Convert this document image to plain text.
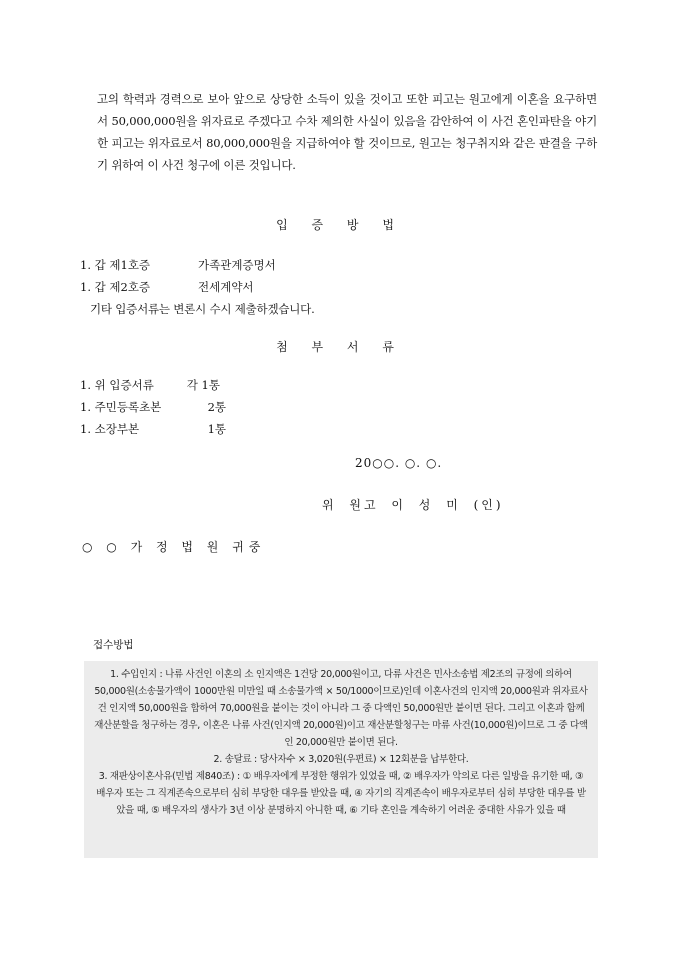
고의 학력과 경력으로 보아 앞으로 상당한 소득이 있을 것이고 또한 피고는 원고에게 이혼을 요구하면서 50,000,000원을 위자료로 주겠다고 수차 제의한 사실이 있음을 감안하여 이 사건 혼인파탄을 야기한 피고는 위자료로서 80,000,000원을 지급하여야 할 것이므로, 원고는 청구취지와 같은 판결을 구하기 위하여 이 사건 청구에 이른 것입니다.
입 증 방 법
1. 갑 제1호증	가족관계증명서
1. 갑 제2호증	전세계약서
기타 입증서류는 변론시 수시 제출하겠습니다.
첨 부 서 류
1. 위 입증서류	각 1통
1. 주민등록초본	2통
1. 소장부본	1통
20○○. ○. ○.
위 원고 이 성 미 (인)
○ ○ 가 정 법 원 귀중
접수방법
1. 수입인지 : 나류 사건인 이혼의 소 인지액은 1건당 20,000원이고, 다류 사건은 민사소송법 제2조의 규정에 의하여 50,000원(소송물가액이 1000만원 미만일 때 소송물가액 × 50/1000이므로)인데 이혼사건의 인지액 20,000원과 위자료사건 인지액 50,000원을 합하여 70,000원을 붙이는 것이 아니라 그 중 다액인 50,000원만 붙이면 된다. 그리고 이혼과 함께 재산분할을 청구하는 경우, 이혼은 나류 사건(인지액 20,000원)이고 재산분할청구는 마류 사건(10,000원)이므로 그 중 다액인 20,000원만 붙이면 된다.
2. 송달료 : 당사자수 × 3,020원(우편료) × 12회분을 납부한다.
3. 재판상이혼사유(민법 제840조) : ① 배우자에게 부정한 행위가 있었을 때, ② 배우자가 악의로 다른 일방을 유기한 때, ③ 배우자 또는 그 직계존속으로부터 심히 부당한 대우를 받았을 때, ④ 자기의 직계존속이 배우자로부터 심히 부당한 대우를 받았을 때, ⑤ 배우자의 생사가 3년 이상 분명하지 아니한 때, ⑥ 기타 혼인을 계속하기 어려운 중대한 사유가 있을 때
